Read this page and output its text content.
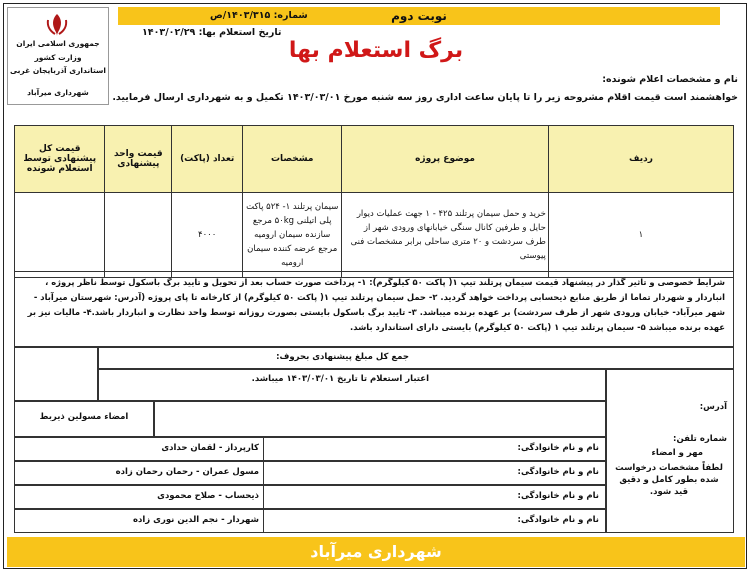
نوبت دوم
جمهوری اسلامی ایران
وزارت کشور
استانداری آذربایجان غربی
شهرداری میرآباد
شماره: ۱۴۰۳/۳۱۵/ص
تاریخ استعلام بها: ۱۴۰۳/۰۲/۲۹
برگ استعلام بها
نام و مشخصات اعلام شونده:
خواهشمند است قیمت اقلام مشروحه زیر را تا پایان ساعت اداری روز سه شنبه مورخ ۱۴۰۳/۰۳/۰۱ تکمیل و به شهرداری ارسال فرمایید.
ردیف	موضوع پروژه	مشخصات	تعداد (پاکت)	قیمت واحد پیشنهادی	قیمت کل پیشنهادی توسط استعلام شونده
۱	خرید و حمل سیمان پرتلند ۴۲۵ - ۱ جهت عملیات دیوار حایل و طرفین کانال سنگی خیابانهای ورودی شهر از طرف سردشت و ۲۰ متری ساحلی برابر مشخصات فنی پیوستی	سیمان پرتلند ۱- ۵۲۴ پاکت پلی اتیلنی ۵۰kg مرجع سازنده سیمان ارومیه مرجع عرضه کننده سیمان ارومیه	۴۰۰۰		
شرایط خصوصی و تاثیر گذار در پیشنهاد قیمت سیمان پرتلند تیپ ۱( پاکت ۵۰ کیلوگرم): ۱- پرداخت صورت حساب بعد از تحویل و تایید برگ باسکول توسط ناظر پروژه ، انباردار و شهردار تماما از طریق منابع ذیحسابی پرداخت خواهد گردید. ۲- حمل سیمان پرتلند تیپ ۱( پاکت ۵۰ کیلوگرم) از کارخانه تا پای پروژه (آدرس: شهرستان میرآباد - شهر میرآباد- خیابان ورودی شهر از طرف سردشت) بر عهده برنده میباشد. ۳- تایید برگ باسکول بایستی بصورت روزانه توسط واحد نظارت و انباردار باشد.۴- مالیات نیز بر عهده برنده میباشد ۵- سیمان پرتلند تیپ ۱ (پاکت ۵۰ کیلوگرم) بایستی دارای استاندارد باشد.
جمع کل مبلغ پیشنهادی بحروف:
اعتبار استعلام تا تاریخ ۱۴۰۳/۰۳/۰۱ میباشد.
امضاء مسولین ذیربط
آدرس:
شماره تلفن:
مهر و امضاء
لطفاً مشخصات درخواست شده بطور کامل و دقیق قید شود.
نام و نام خانوادگی:
کارپرداز - لقمان حدادی
نام و نام خانوادگی:
مسول عمران - رحمان رحمان زاده
نام و نام خانوادگی:
ذیحساب - صلاح محمودی
نام و نام خانوادگی:
شهردار - نجم الدین نوری زاده
شهرداری میرآباد
